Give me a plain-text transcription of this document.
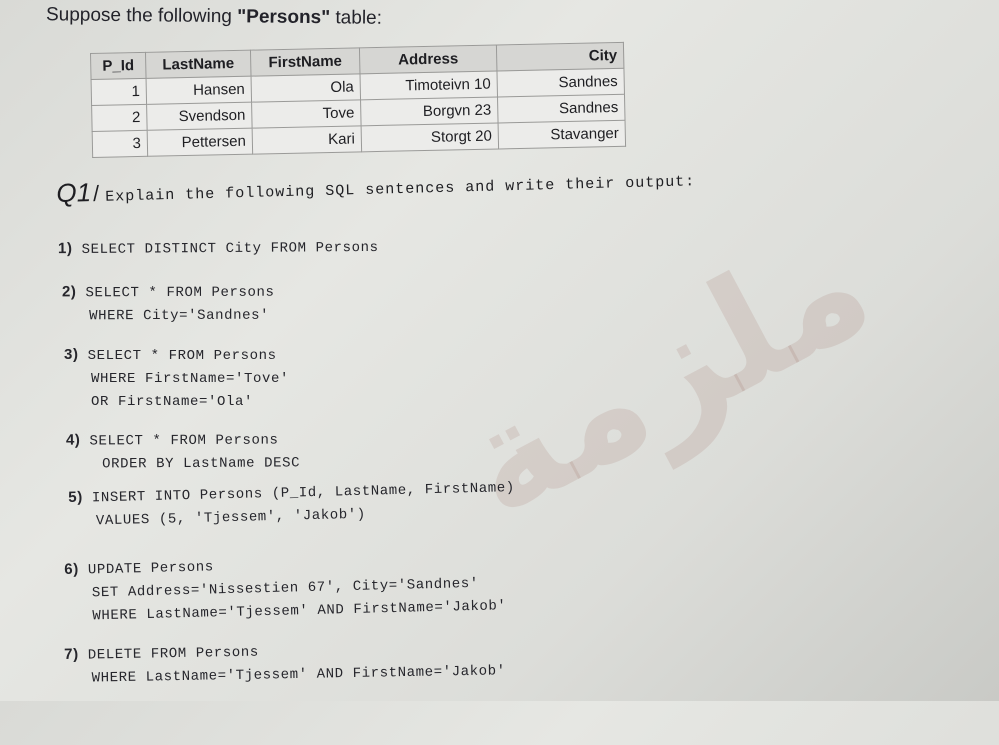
ملزمة
Suppose the following "Persons" table:
P_Id	LastName	FirstName	Address	City
1	Hansen	Ola	Timoteivn 10	Sandnes
2	Svendson	Tove	Borgvn 23	Sandnes
3	Pettersen	Kari	Storgt 20	Stavanger
Q1/ Explain the following SQL sentences and write their output:
1) SELECT DISTINCT City FROM Persons
2) SELECT * FROM Persons
WHERE City='Sandnes'
3) SELECT * FROM Persons
WHERE FirstName='Tove'
OR FirstName='Ola'
4) SELECT * FROM Persons
ORDER BY LastName DESC
5) INSERT INTO Persons (P_Id, LastName, FirstName)
VALUES (5, 'Tjessem', 'Jakob')
6) UPDATE Persons
SET Address='Nissestien 67', City='Sandnes'
WHERE LastName='Tjessem' AND FirstName='Jakob'
7) DELETE FROM Persons
WHERE LastName='Tjessem' AND FirstName='Jakob'
